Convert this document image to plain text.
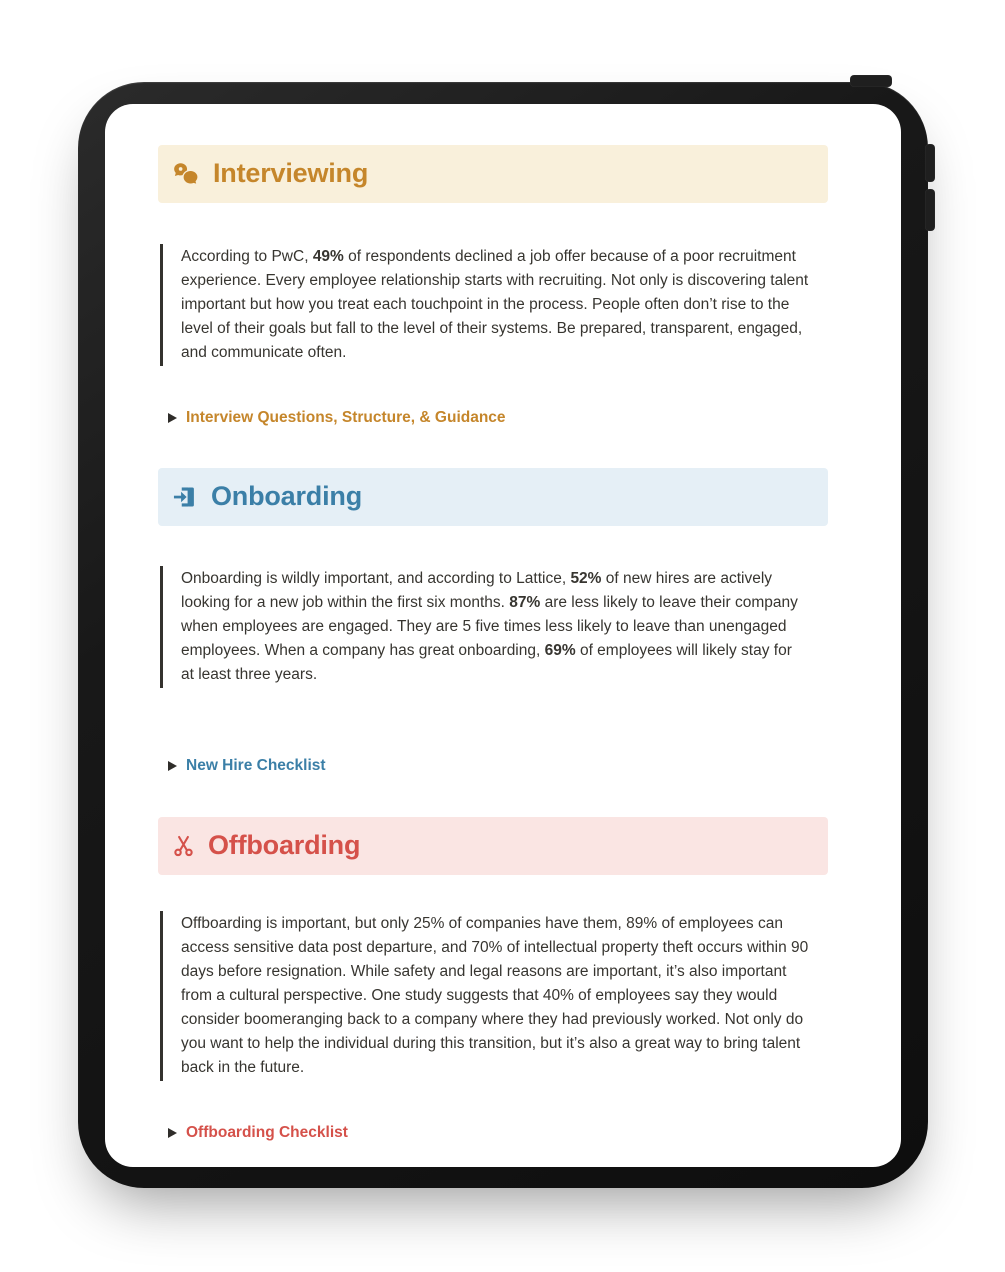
Interviewing
According to PwC, 49% of respondents declined a job offer because of a poor recruitment experience. Every employee relationship starts with recruiting. Not only is discovering talent important but how you treat each touchpoint in the process. People often don’t rise to the level of their goals but fall to the level of their systems. Be prepared, transparent, engaged, and communicate often.
Interview Questions, Structure, & Guidance
Onboarding
Onboarding is wildly important, and according to Lattice, 52% of new hires are actively looking for a new job within the first six months. 87% are less likely to leave their company when employees are engaged. They are 5 five times less likely to leave than unengaged employees. When a company has great onboarding, 69% of employees will likely stay for at least three years.
New Hire Checklist
Offboarding
Offboarding is important, but only 25% of companies have them, 89% of employees can access sensitive data post departure, and 70% of intellectual property theft occurs within 90 days before resignation. While safety and legal reasons are important, it’s also important from a cultural perspective. One study suggests that 40% of employees say they would consider boomeranging back to a company where they had previously worked. Not only do you want to help the individual during this transition, but it’s also a great way to bring talent back in the future.
Offboarding Checklist
